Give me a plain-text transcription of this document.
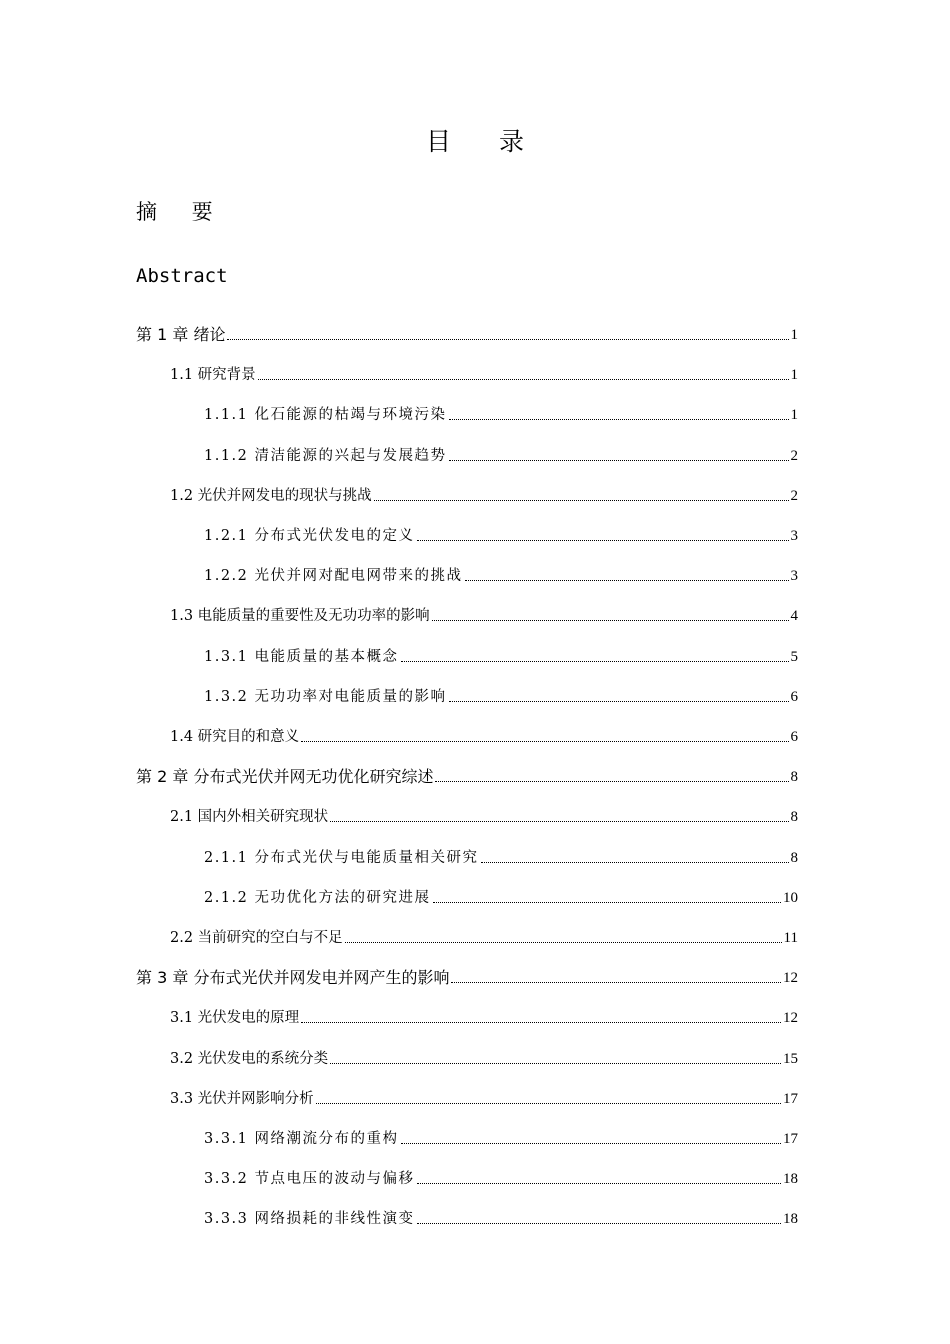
目 录
摘 要
Abstract
第 1 章 绪论	1
1.1 研究背景	1
1.1.1 化石能源的枯竭与环境污染	1
1.1.2 清洁能源的兴起与发展趋势	2
1.2 光伏并网发电的现状与挑战	2
1.2.1 分布式光伏发电的定义	3
1.2.2 光伏并网对配电网带来的挑战	3
1.3 电能质量的重要性及无功功率的影响	4
1.3.1 电能质量的基本概念	5
1.3.2 无功功率对电能质量的影响	6
1.4 研究目的和意义	6
第 2 章 分布式光伏并网无功优化研究综述	8
2.1 国内外相关研究现状	8
2.1.1 分布式光伏与电能质量相关研究	8
2.1.2 无功优化方法的研究进展	10
2.2 当前研究的空白与不足	11
第 3 章 分布式光伏并网发电并网产生的影响	12
3.1 光伏发电的原理	12
3.2 光伏发电的系统分类	15
3.3 光伏并网影响分析	17
3.3.1 网络潮流分布的重构	17
3.3.2 节点电压的波动与偏移	18
3.3.3 网络损耗的非线性演变	18
